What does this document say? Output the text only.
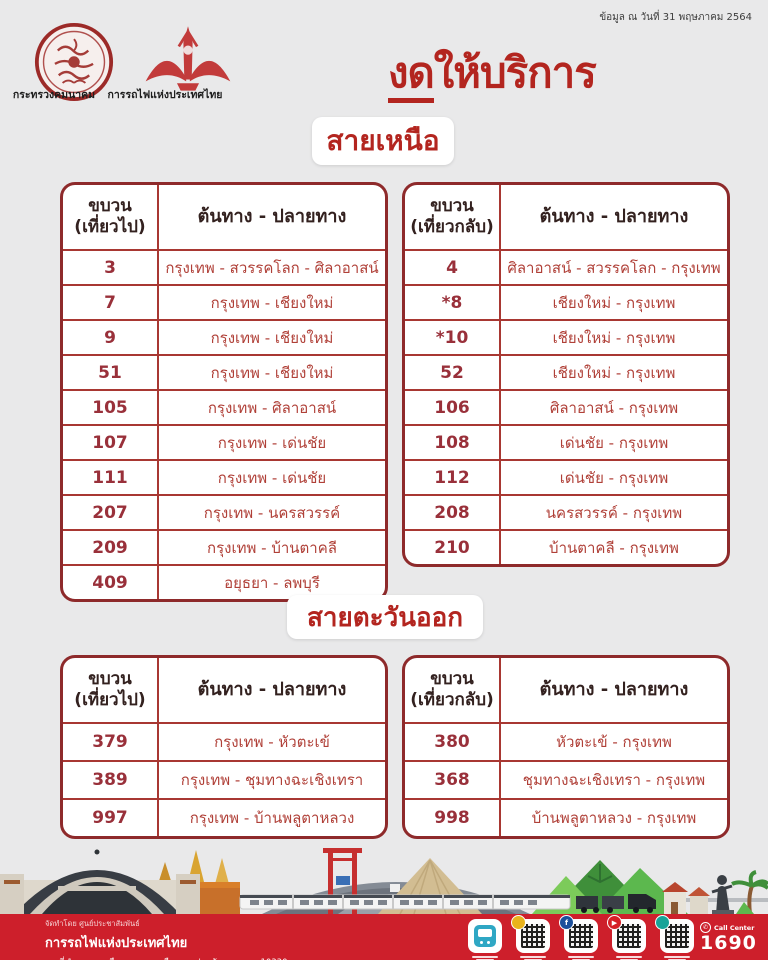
ข้อมูล ณ วันที่ 31 พฤษภาคม 2564
กระทรวงคมนาคม	การรถไฟแห่งประเทศไทย	งดให้บริการ
สายเหนือ
ขบวน
(เที่ยวไป)
ต้นทาง - ปลายทาง
3	กรุงเทพ - สวรรคโลก - ศิลาอาสน์
7	กรุงเทพ - เชียงใหม่
9	กรุงเทพ - เชียงใหม่
51	กรุงเทพ - เชียงใหม่
105	กรุงเทพ - ศิลาอาสน์
107	กรุงเทพ - เด่นชัย
111	กรุงเทพ - เด่นชัย
207	กรุงเทพ - นครสวรรค์
209	กรุงเทพ - บ้านตาคลี
409	อยุธยา - ลพบุรี
ขบวน
(เที่ยวกลับ)
ต้นทาง - ปลายทาง
4	ศิลาอาสน์ - สวรรคโลก - กรุงเทพ
*8	เชียงใหม่ - กรุงเทพ
*10	เชียงใหม่ - กรุงเทพ
52	เชียงใหม่ - กรุงเทพ
106	ศิลาอาสน์ - กรุงเทพ
108	เด่นชัย - กรุงเทพ
112	เด่นชัย - กรุงเทพ
208	นครสวรรค์ - กรุงเทพ
210	บ้านตาคลี - กรุงเทพ
สายตะวันออก
ขบวน
(เที่ยวไป)
ต้นทาง - ปลายทาง
379	กรุงเทพ - หัวตะเข้
389	กรุงเทพ - ชุมทางฉะเชิงเทรา
997	กรุงเทพ - บ้านพลูตาหลวง
ขบวน
(เที่ยวกลับ)
ต้นทาง - ปลายทาง
380	หัวตะเข้ - กรุงเทพ
368	ชุมทางฉะเชิงเทรา - กรุงเทพ
998	บ้านพลูตาหลวง - กรุงเทพ
จัดทำโดย ศูนย์ประชาสัมพันธ์
การรถไฟแห่งประเทศไทย
เลขที่ 1 ถนนรองเมือง แขวงรองเมือง เขตปทุมวัน กรุงเทพฯ 10330
f	▶
✆ Call Center
1690
